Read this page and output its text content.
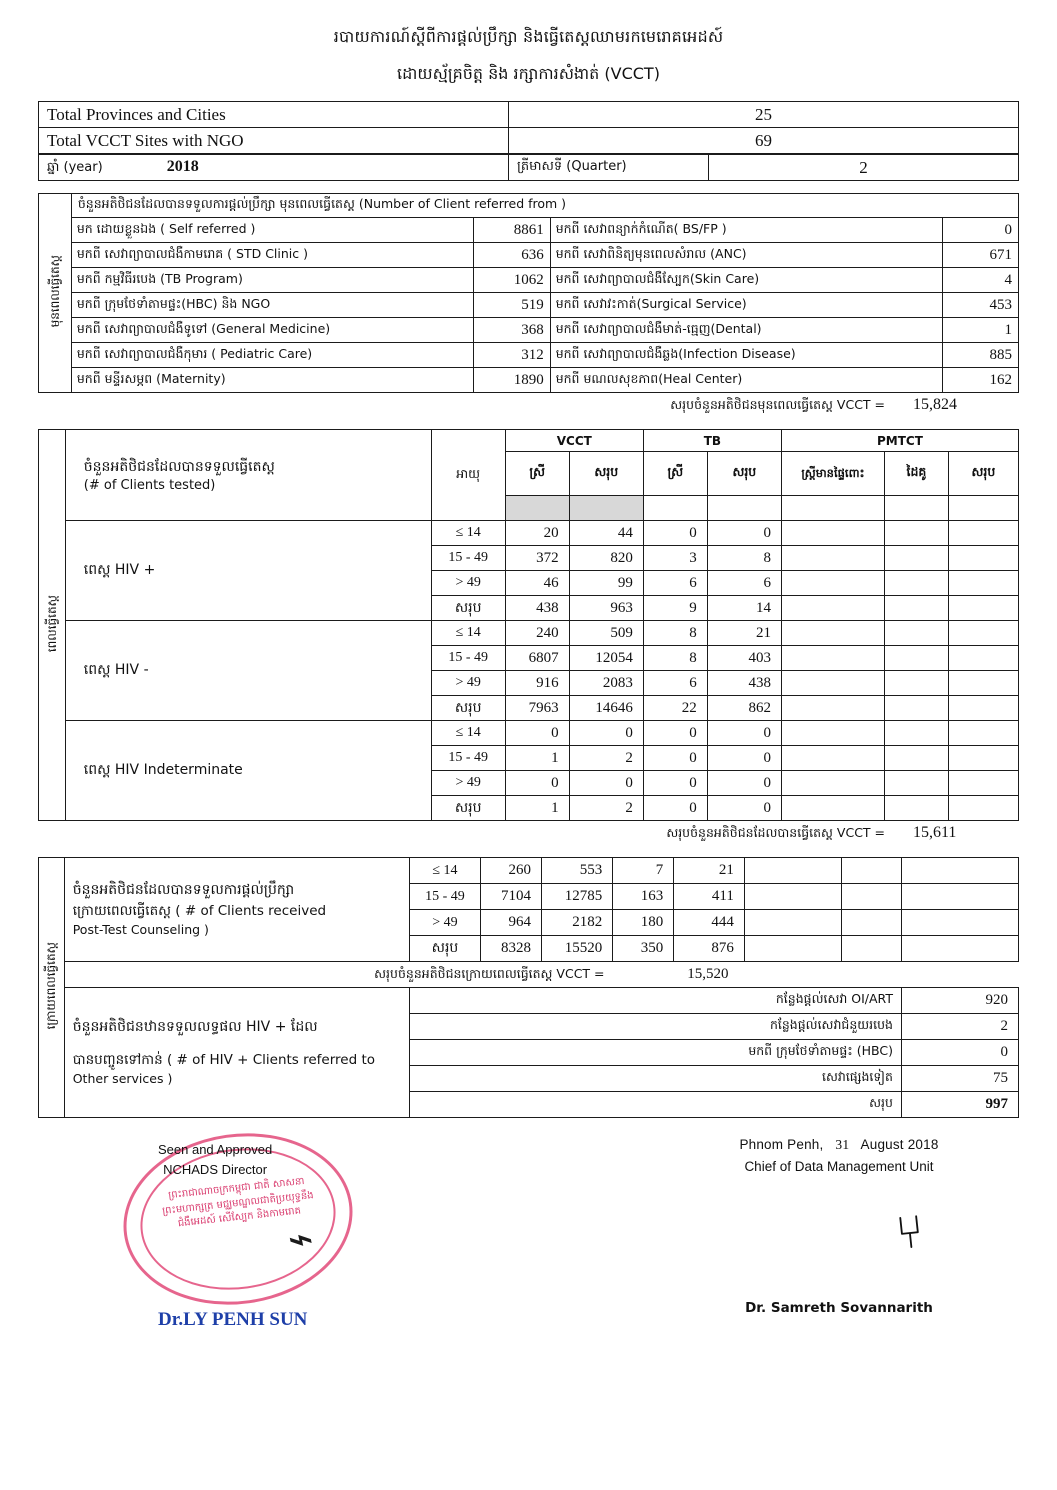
របាយការណ៍ស្ដីពីការផ្ដល់ប្រឹក្សា និងធ្វើតេស្តឈាមរកមេរោគអេដស៍
ដោយស្ម័គ្រចិត្ត និង រក្សាការសំងាត់ (VCCT)
Total Provinces and Cities	25
Total VCCT Sites with NGO	69
ឆ្នាំ (year)	2018	ត្រីមាសទី (Quarter)	2
មុនពេលធ្វើតេស្ត	ចំនួនអតិថិជនដែលបានទទួលការផ្ដល់ប្រឹក្សា មុនពេលធ្វើតេស្ត (Number of Client referred from )			
	មក ដោយខ្លួនឯង ( Self referred )	8861	មកពី សេវាពន្យាក់កំណើត( BS/FP )	0
	មកពី សេវាព្យាបាលជំងឺកាមរោគ ( STD Clinic )	636	មកពី សេវាពិនិត្យមុនពេលសំរាល (ANC)	671
	មកពី កម្មវិធីរបេង (TB Program)	1062	មកពី សេវាព្យាបាលជំងឺស្បែក(Skin Care)	4
	មកពី ក្រុមថែទាំតាមផ្ទះ(HBC) និង NGO	519	មកពី សេវាវះកាត់(Surgical Service)	453
	មកពី សេវាព្យាបាលជំងឺទូទៅ (General Medicine)	368	មកពី សេវាព្យាបាលជំងឺមាត់-ធ្មេញ(Dental)	1
	មកពី សេវាព្យាបាលជំងឺកុមារ ( Pediatric Care)	312	មកពី សេវាព្យាបាលជំងឺឆ្លង(Infection Disease)	885
	មកពី មន្ទីរសម្ភព (Maternity)	1890	មកពី មណលសុខភាព(Heal Center)	162
សរុបចំនួនអតិថិជនមុនពេលធ្វើតេស្ត VCCT = 15,824
ពេលធ្វើតេស្ត	ចំនួនអតិថិជនដែលបានទទួលធ្វើតេស្ត
(# of Clients tested)	អាយុ	VCCT		TB		PMTCT		
			ស្រី	សរុប	ស្រី	សរុប	ស្ដ្រីមានផ្ទៃពោះ	ដៃគូ	សរុប

	ពេស្ត HIV +	≤ 14	20	44	0	0			
		15 - 49	372	820	3	8			
		> 49	46	99	6	6			
		សរុប	438	963	9	14			
	ពេស្ត HIV -	≤ 14	240	509	8	21			
		15 - 49	6807	12054	8	403			
		> 49	916	2083	6	438			
		សរុប	7963	14646	22	862			
	ពេស្ត HIV Indeterminate	≤ 14	0	0	0	0			
		15 - 49	1	2	0	0			
		> 49	0	0	0	0			
		សរុប	1	2	0	0			
សរុបចំនួនអតិថិជនដែលបានធ្វើតេស្ត VCCT = 15,611
ក្រោយពេលធ្វើតេស្ត	ចំនួនអតិថិជនដែលបានទទួលការផ្ដល់ប្រឹក្សា
ក្រោយពេលធ្វើតេស្ត ( # of Clients received
Post-Test Counseling )	≤ 14	260	553	7	21			
		15 - 49	7104	12785	163	411			
		> 49	964	2182	180	444			
		សរុប	8328	15520	350	876			

	សរុបចំនួនអតិថិជនក្រោយពេលធ្វើតេស្ត VCCT = 15,520								

	ចំនួនអតិថិជនឋានទទួលលទ្ធផល HIV + ដែល
បានបញ្ចូនទៅកាន់ ( # of HIV + Clients referred to
Other services )	កន្លែងផ្ដល់សេវា OI/ART							920
		កន្លែងផ្ដល់សេវាជំនួយរបេង							2
		មកពី ក្រុមថែទាំតាមផ្ទះ (HBC)							0
		សេវាផ្សេងទៀត							75
		សរុប							997
ព្រះរាជាណាចក្រកម្ពុជា ជាតិ សាសនា ព្រះមហាក្សត្រ មជ្ឈមណ្ឌលជាតិប្រយុទ្ធនឹងជំងឺអេដស៍ សើស្បែក និងកាមរោគ
Seen and Approved
NCHADS Director
⌁
Dr.LY PENH SUN
Phnom Penh, 31 August 2018
Chief of Data Management Unit
⑂
Dr. Samreth Sovannarith
